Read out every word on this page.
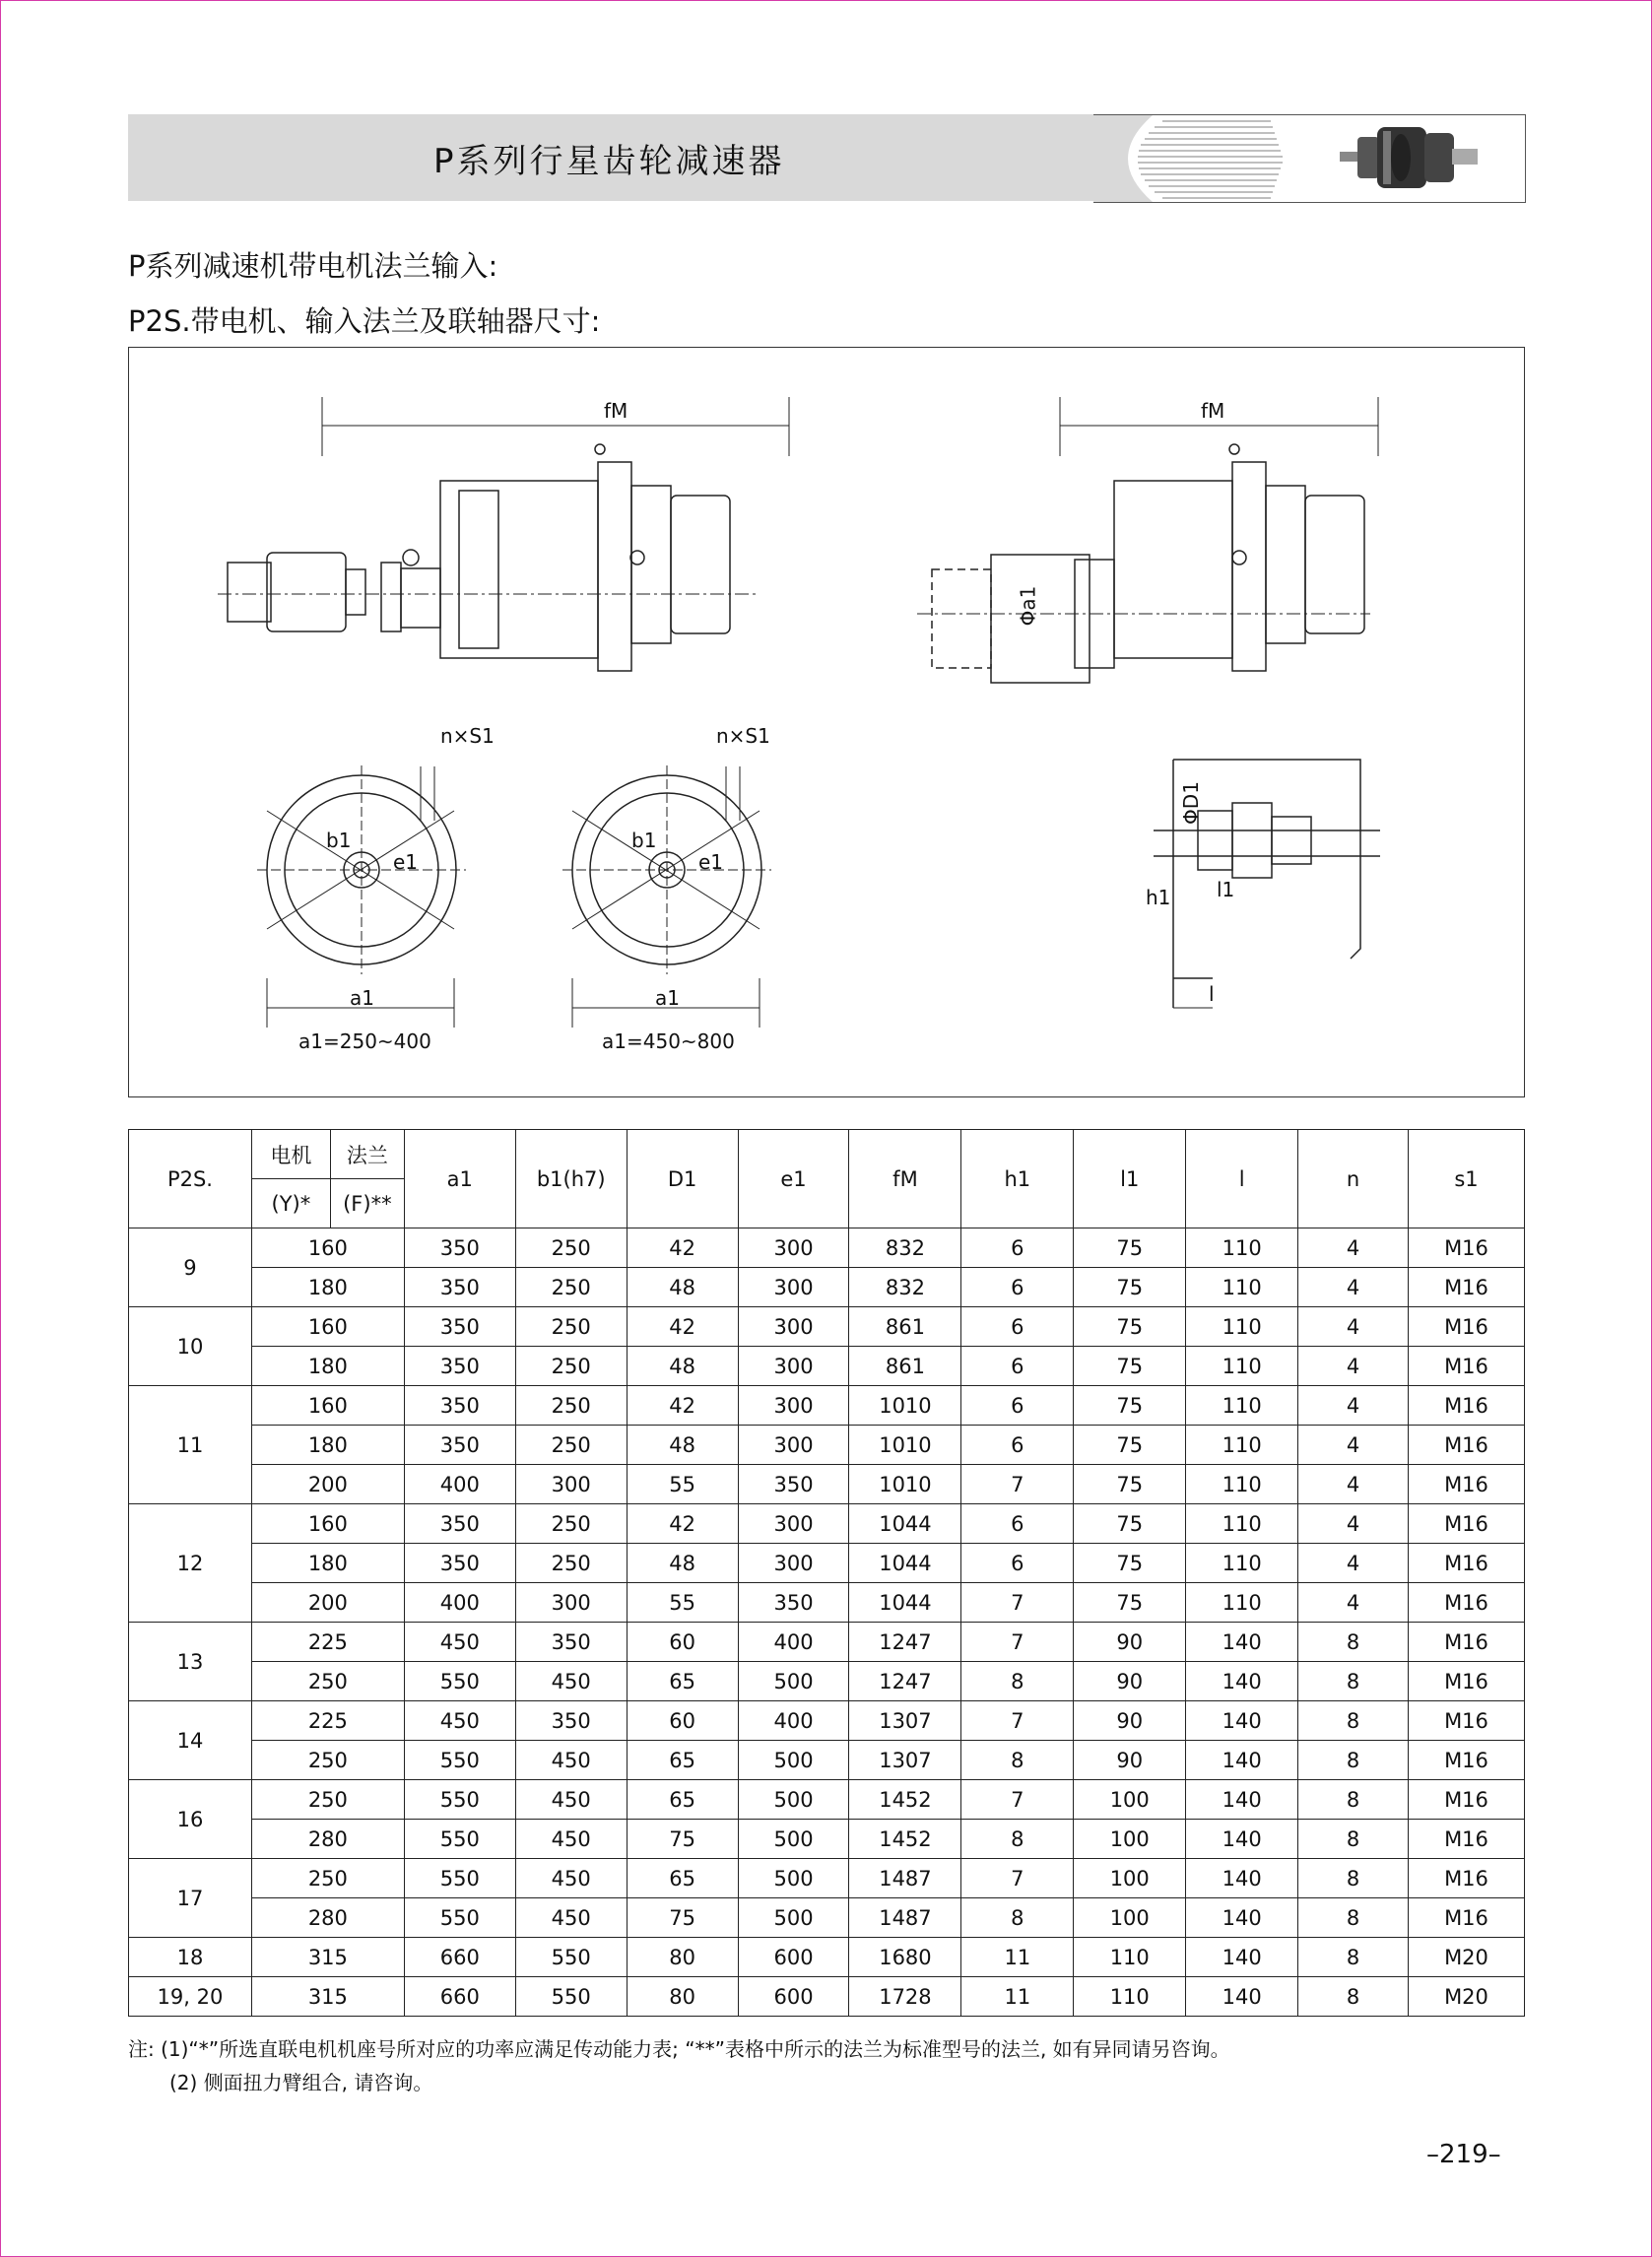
P系列行星齿轮减速器
P系列减速机带电机法兰输入:
P2S.带电机、输入法兰及联轴器尺寸:
fM	fM
n×S1	n×S1
b1
e1
b1
e1
a1	a1
a1=250~400	a1=450~800
Φa1
ΦD1
h1 l1
l
P2S.	电机	法兰	a1	b1(h7)	D1	e1	fM	h1	l1	l	n	s1
	(Y)*	(F)**										
9	160		350	250	42	300	832	6	75	110	4	M16
	180		350	250	48	300	832	6	75	110	4	M16
10	160		350	250	42	300	861	6	75	110	4	M16
	180		350	250	48	300	861	6	75	110	4	M16
11	160		350	250	42	300	1010	6	75	110	4	M16
	180		350	250	48	300	1010	6	75	110	4	M16
	200		400	300	55	350	1010	7	75	110	4	M16
12	160		350	250	42	300	1044	6	75	110	4	M16
	180		350	250	48	300	1044	6	75	110	4	M16
	200		400	300	55	350	1044	7	75	110	4	M16
13	225		450	350	60	400	1247	7	90	140	8	M16
	250		550	450	65	500	1247	8	90	140	8	M16
14	225		450	350	60	400	1307	7	90	140	8	M16
	250		550	450	65	500	1307	8	90	140	8	M16
16	250		550	450	65	500	1452	7	100	140	8	M16
	280		550	450	75	500	1452	8	100	140	8	M16
17	250		550	450	65	500	1487	7	100	140	8	M16
	280		550	450	75	500	1487	8	100	140	8	M16
18	315		660	550	80	600	1680	11	110	140	8	M20
19, 20	315		660	550	80	600	1728	11	110	140	8	M20
注: (1)“*”所选直联电机机座号所对应的功率应满足传动能力表; “**”表格中所示的法兰为标准型号的法兰, 如有异同请另咨询。
(2) 侧面扭力臂组合, 请咨询。
–219–
